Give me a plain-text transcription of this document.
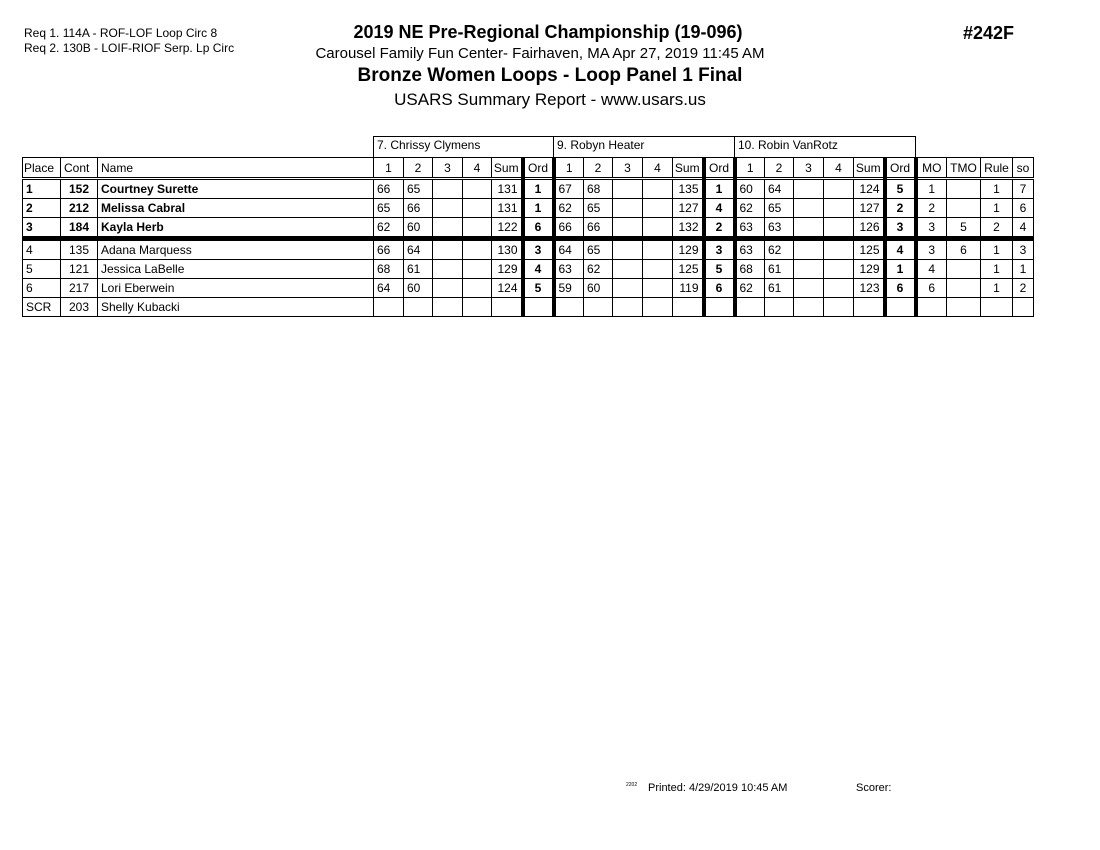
Req 1. 114A - ROF-LOF Loop Circ 8
Req 2. 130B - LOIF-RIOF Serp. Lp Circ
2019 NE Pre-Regional Championship (19-096)
Carousel Family Fun Center- Fairhaven, MA Apr 27, 2019 11:45 AM
Bronze Women Loops - Loop Panel 1 Final
USARS Summary Report - www.usars.us
#242F
			7. Chrissy Clymens						9. Robyn Heater						10. Robin VanRotz									
Place	Cont	Name	1	2	3	4	Sum	Ord	1	2	3	4	Sum	Ord	1	2	3	4	Sum	Ord	MO	TMO	Rule	so
1	152	Courtney Surette	66	65			131	1	67	68			135	1	60	64			124	5	1		1	7
2	212	Melissa Cabral	65	66			131	1	62	65			127	4	62	65			127	2	2		1	6
3	184	Kayla Herb	62	60			122	6	66	66			132	2	63	63			126	3	3	5	2	4
4	135	Adana Marquess	66	64			130	3	64	65			129	3	63	62			125	4	3	6	1	3
5	121	Jessica LaBelle	68	61			129	4	63	62			125	5	68	61			129	1	4		1	1
6	217	Lori Eberwein	64	60			124	5	59	60			119	6	62	61			123	6	6		1	2
SCR	203	Shelly Kubacki																						
$^{2202}$ Printed: 4/29/2019 10:45 AM	Scorer:
